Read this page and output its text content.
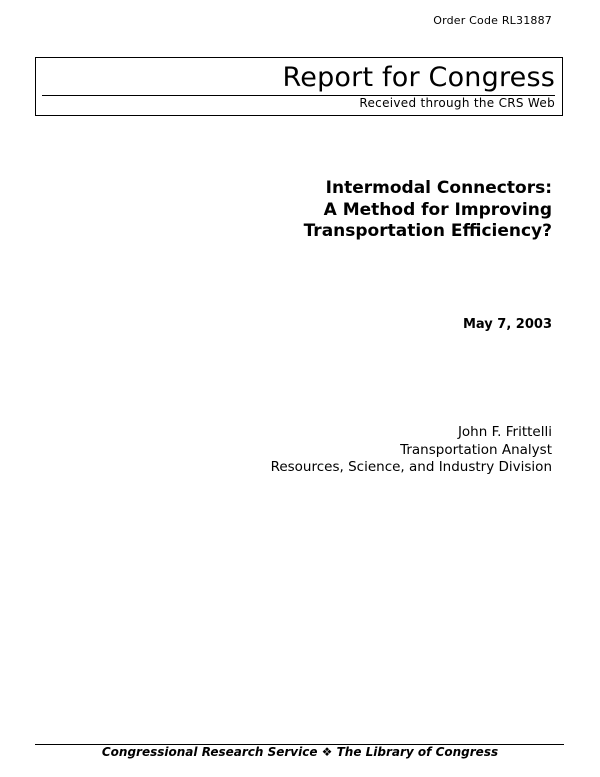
Order Code RL31887
Report for Congress
Received through the CRS Web
Intermodal Connectors:
A Method for Improving
Transportation Efficiency?
May 7, 2003
John F. Frittelli
Transportation Analyst
Resources, Science, and Industry Division
Congressional Research Service ❖ The Library of Congress
